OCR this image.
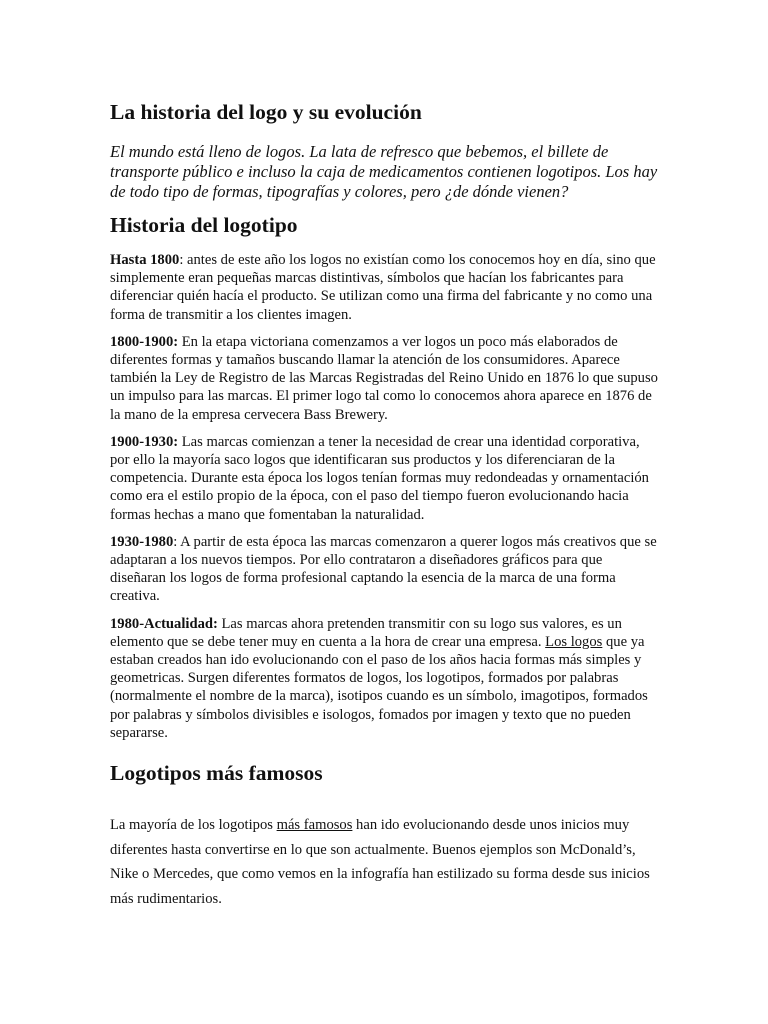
La historia del logo y su evolución

El mundo está lleno de logos. La lata de refresco que bebemos, el billete de transporte público e incluso la caja de medicamentos contienen logotipos. Los hay de todo tipo de formas, tipografías y colores, pero ¿de dónde vienen?

Historia del logotipo

Hasta 1800: antes de este año los logos no existían como los conocemos hoy en día, sino que simplemente eran pequeñas marcas distintivas, símbolos que hacían los fabricantes para diferenciar quién hacía el producto. Se utilizan como una firma del fabricante y no como una forma de transmitir a los clientes imagen.

1800-1900: En la etapa victoriana comenzamos a ver logos un poco más elaborados de diferentes formas y tamaños buscando llamar la atención de los consumidores. Aparece también la Ley de Registro de las Marcas Registradas del Reino Unido en 1876 lo que supuso un impulso para las marcas. El primer logo tal como lo conocemos ahora aparece en 1876 de la mano de la empresa cervecera Bass Brewery.

1900-1930: Las marcas comienzan a tener la necesidad de crear una identidad corporativa, por ello la mayoría saco logos que identificaran sus productos y los diferenciaran de la competencia. Durante esta época los logos tenían formas muy redondeadas y ornamentación como era el estilo propio de la época, con el paso del tiempo fueron evolucionando hacia formas hechas a mano que fomentaban la naturalidad.

1930-1980: A partir de esta época las marcas comenzaron a querer logos más creativos que se adaptaran a los nuevos tiempos. Por ello contrataron a diseñadores gráficos para que diseñaran los logos de forma profesional captando la esencia de la marca de una forma creativa.

1980-Actualidad: Las marcas ahora pretenden transmitir con su logo sus valores, es un elemento que se debe tener muy en cuenta a la hora de crear una empresa. Los logos que ya estaban creados han ido evolucionando con el paso de los años hacia formas más simples y geometricas. Surgen diferentes formatos de logos, los logotipos, formados por palabras (normalmente el nombre de la marca), isotipos cuando es un símbolo, imagotipos, formados por palabras y símbolos divisibles e isologos, fomados por imagen y texto que no pueden separarse.

Logotipos más famosos

La mayoría de los logotipos más famosos han ido evolucionando desde unos inicios muy diferentes hasta convertirse en lo que son actualmente. Buenos ejemplos son McDonald’s, Nike o Mercedes, que como vemos en la infografía han estilizado su forma desde sus inicios más rudimentarios.
